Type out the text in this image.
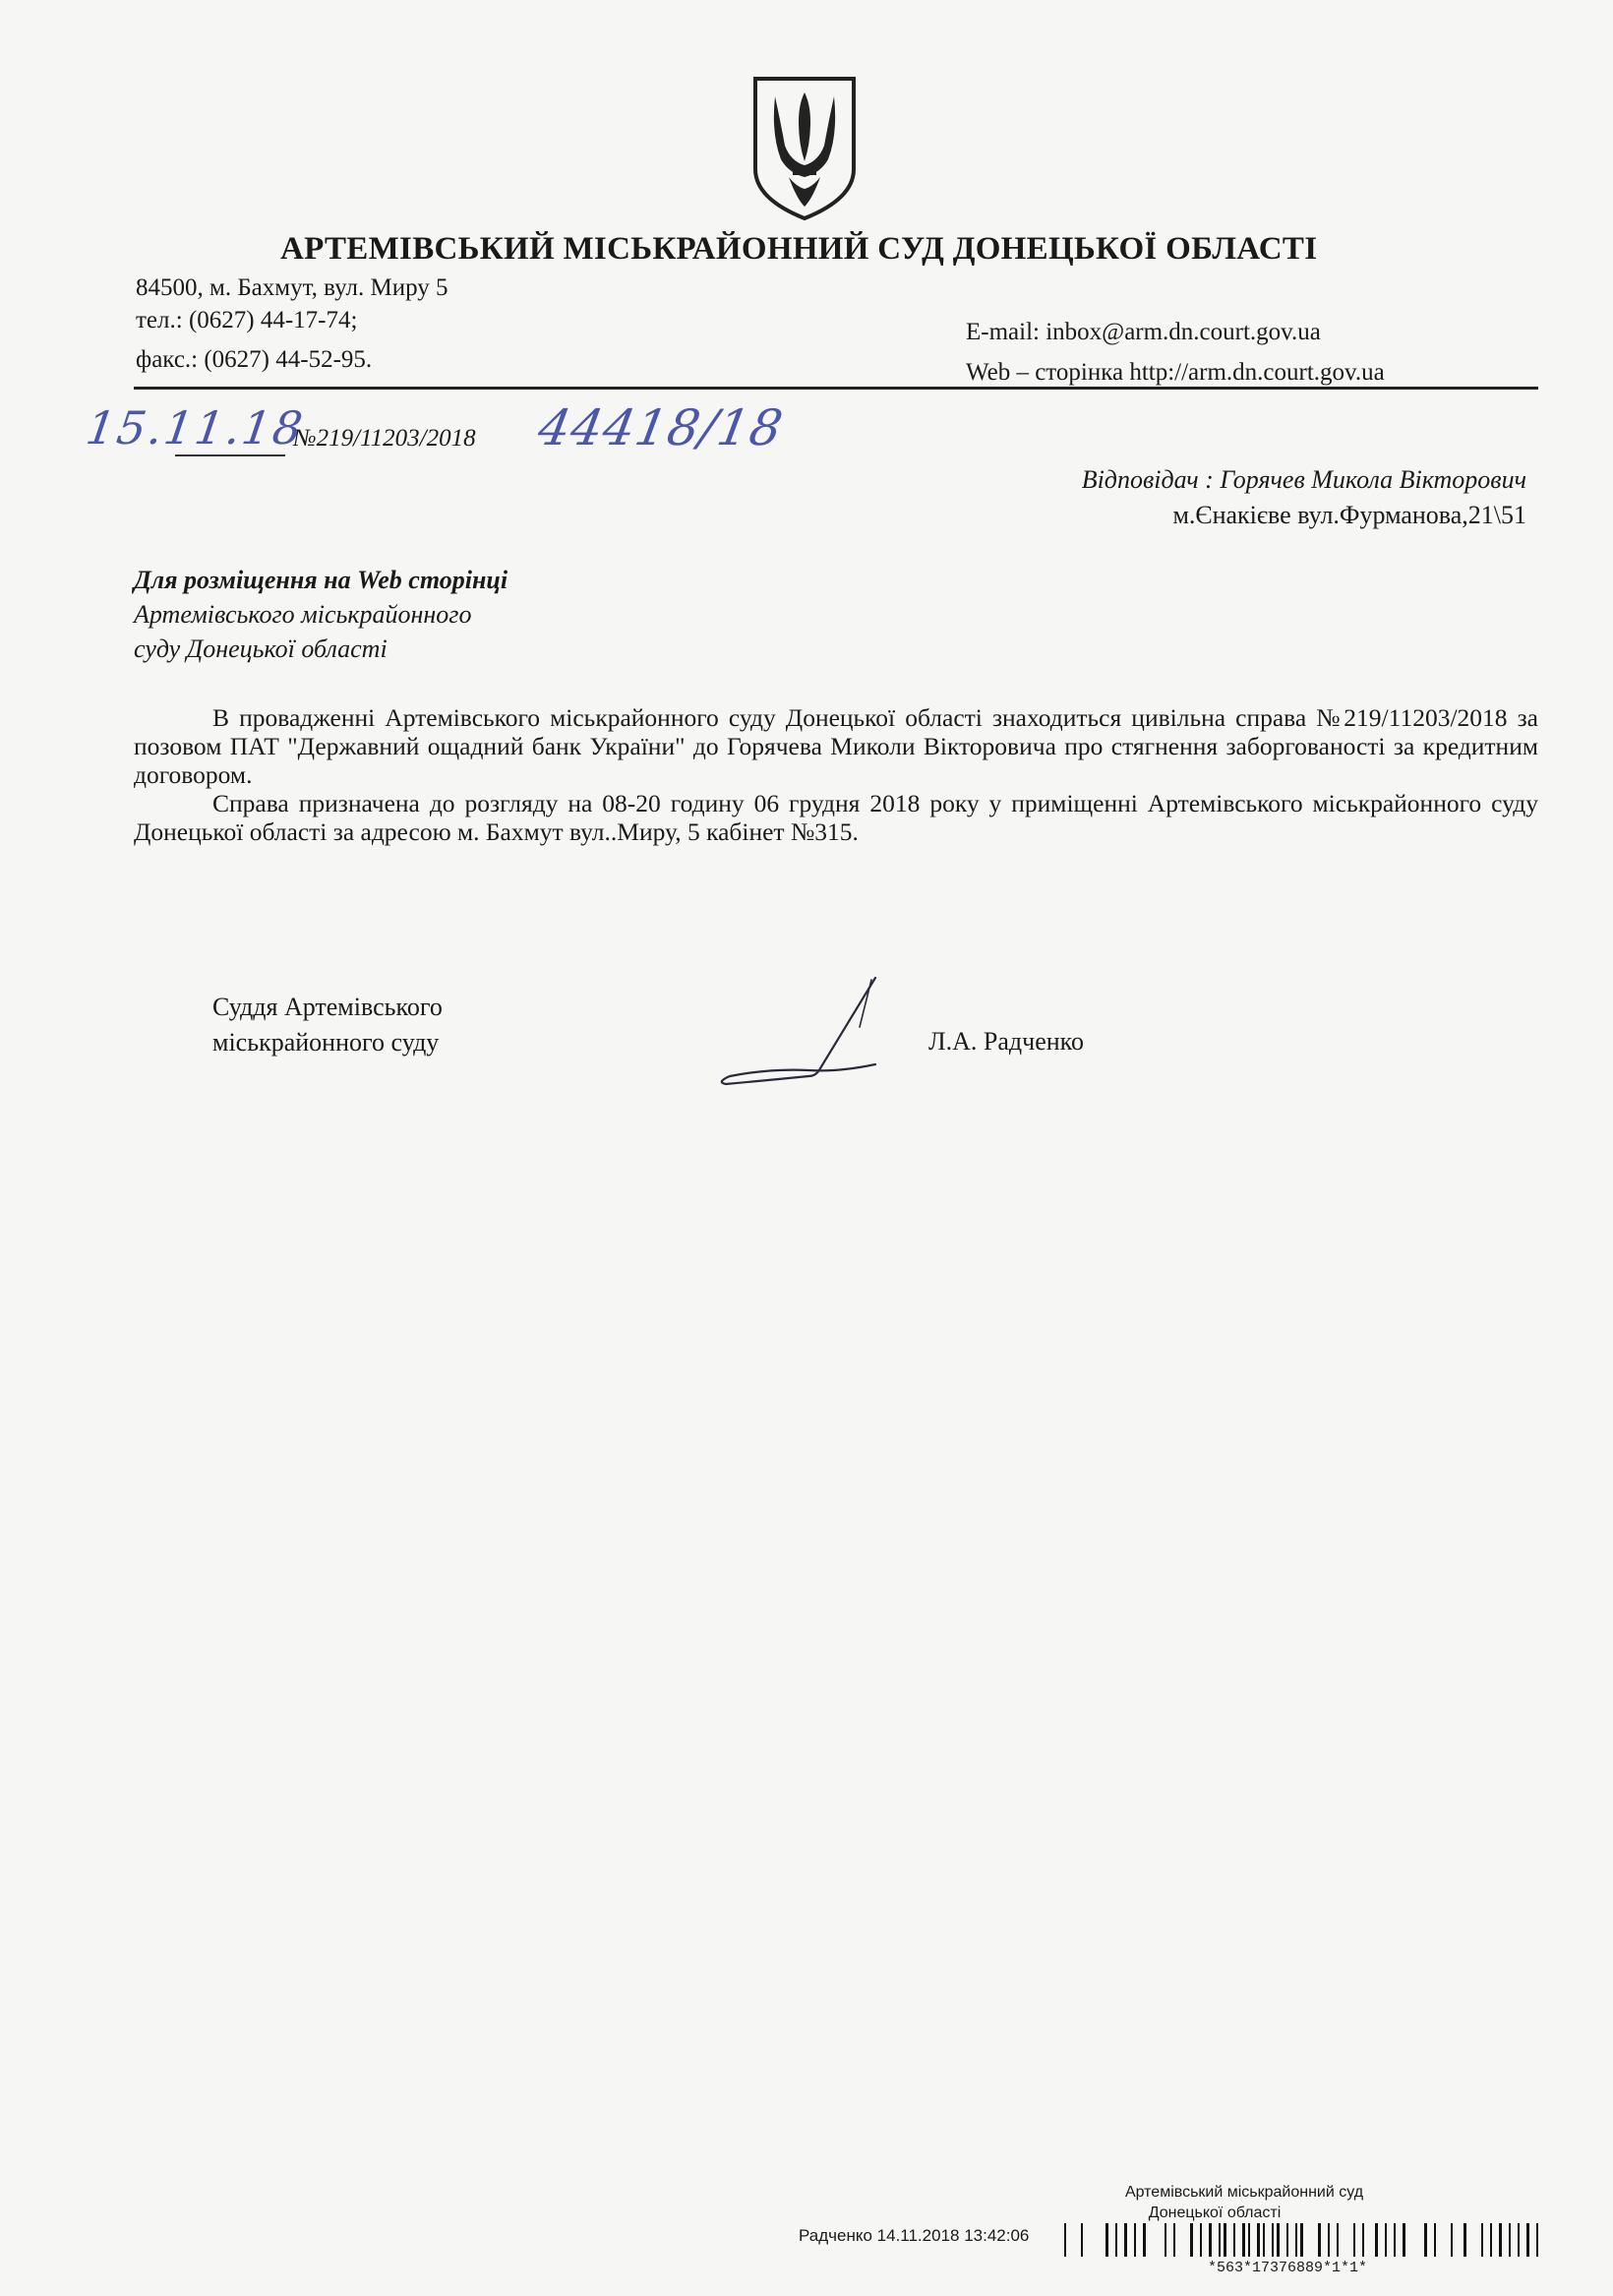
АРТЕМІВСЬКИЙ МІСЬКРАЙОННИЙ СУД ДОНЕЦЬКОЇ ОБЛАСТІ
84500, м. Бахмут, вул. Миру 5
тел.: (0627) 44-17-74;
факс.: (0627) 44-52-95.
E-mail: inbox@arm.dn.court.gov.ua
Web – сторінка http://arm.dn.court.gov.ua
15.11.18
№219/11203/2018 44418/18
Відповідач : Горячев Микола Вікторович
м.Єнакієве вул.Фурманова,21\51
Для розміщення на Web сторінці
Артемівського міськрайонного
суду Донецької області

В провадженні Артемівського міськрайонного суду Донецької області знаходиться цивільна справа №219/11203/2018 за позовом ПАТ "Державний ощадний банк України" до Горячева Миколи Вікторовича про стягнення заборгованості за кредитним договором.

Справа призначена до розгляду на 08-20 годину 06 грудня 2018 року у приміщенні Артемівського міськрайонного суду Донецької області за адресою м. Бахмут вул..Миру, 5 кабінет №315.

Суддя Артемівського
міськрайонного суду	Л.А. Радченко
Артемівський міськрайонний суд
Донецької області
Радченко 14.11.2018 13:42:06
*563*17376889*1*1*
